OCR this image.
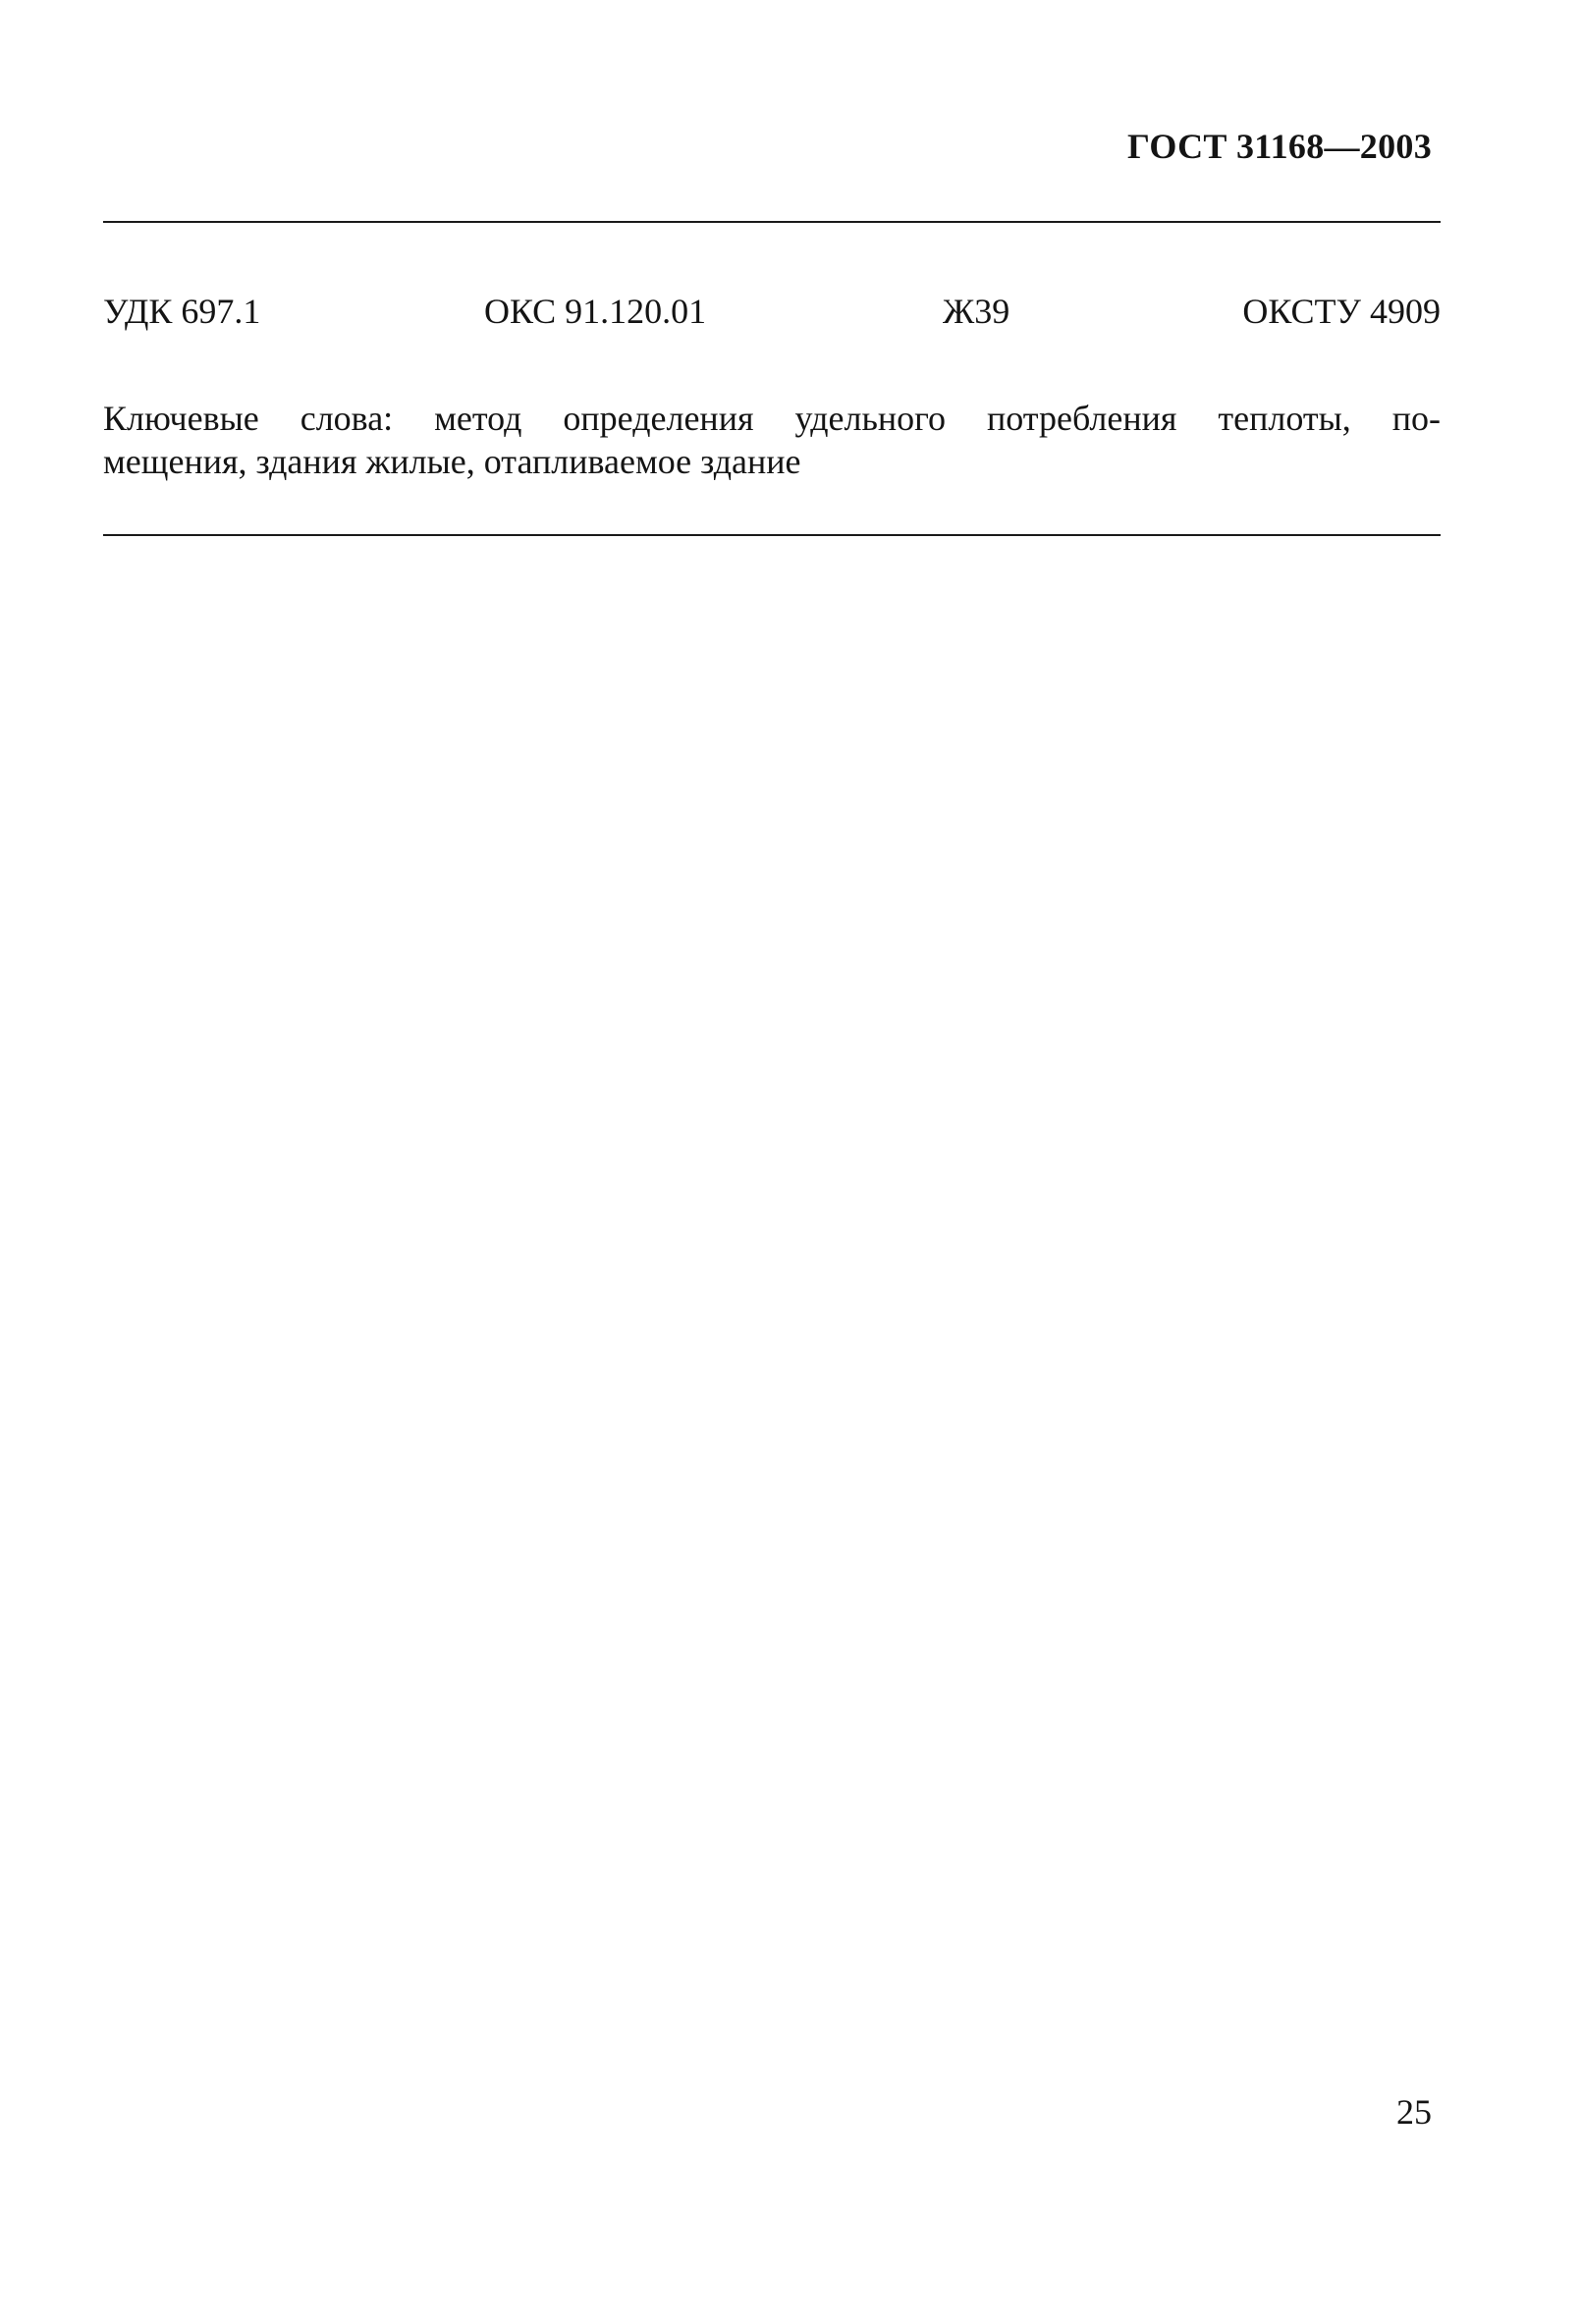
ГОСТ 31168—2003
УДК 697.1	ОКС 91.120.01	Ж39	ОКСТУ 4909
Ключевые слова: метод определения удельного потребления теплоты, по-
мещения, здания жилые, отапливаемое здание
25
